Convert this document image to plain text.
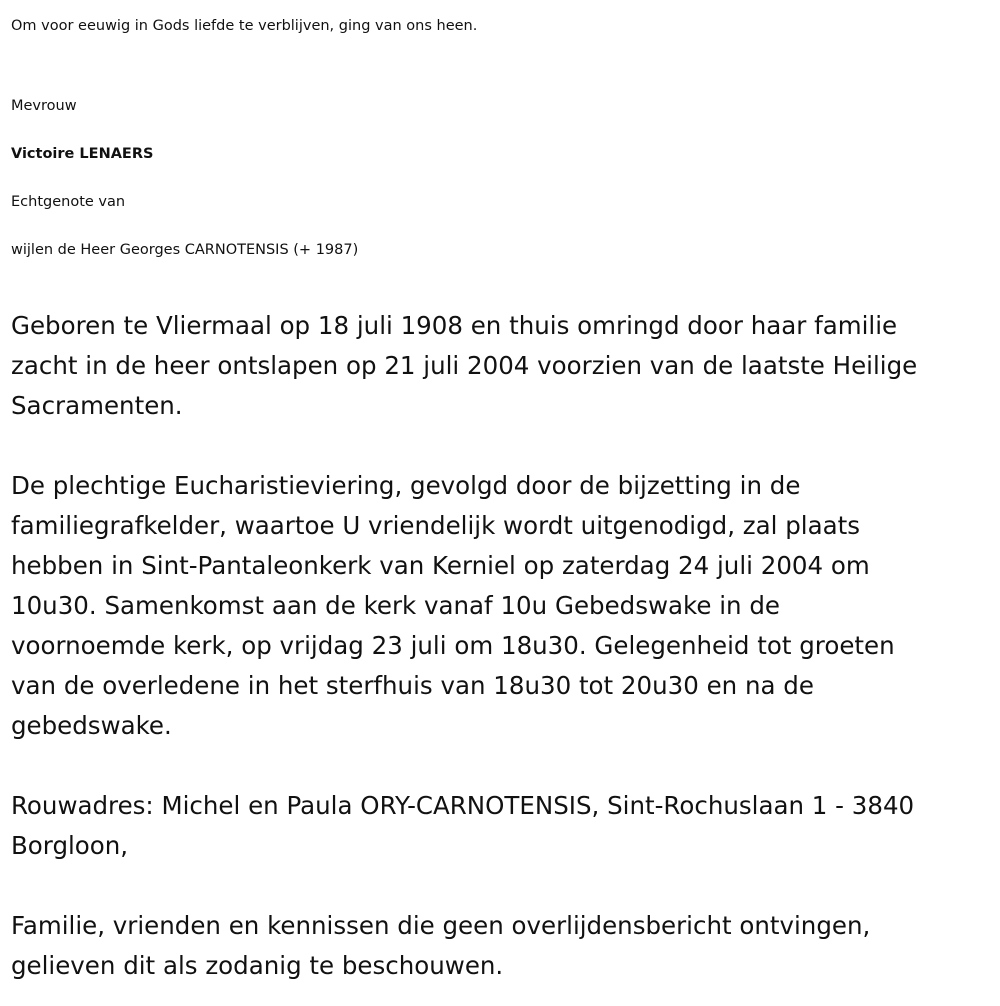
Om voor eeuwig in Gods liefde te verblijven, ging van ons heen.

Mevrouw

Victoire LENAERS

Echtgenote van

wijlen de Heer Georges CARNOTENSIS (+ 1987)

Geboren te Vliermaal op 18 juli 1908 en thuis omringd door haar familie
zacht in de heer ontslapen op 21 juli 2004 voorzien van de laatste Heilige
Sacramenten.
De plechtige Eucharistieviering, gevolgd door de bijzetting in de
familiegrafkelder, waartoe U vriendelijk wordt uitgenodigd, zal plaats
hebben in Sint-Pantaleonkerk van Kerniel op zaterdag 24 juli 2004 om
10u30. Samenkomst aan de kerk vanaf 10u Gebedswake in de
voornoemde kerk, op vrijdag 23 juli om 18u30. Gelegenheid tot groeten
van de overledene in het sterfhuis van 18u30 tot 20u30 en na de
gebedswake.
Rouwadres: Michel en Paula ORY-CARNOTENSIS, Sint-Rochuslaan 1 - 3840
Borgloon,
Familie, vrienden en kennissen die geen overlijdensbericht ontvingen,
gelieven dit als zodanig te beschouwen.
